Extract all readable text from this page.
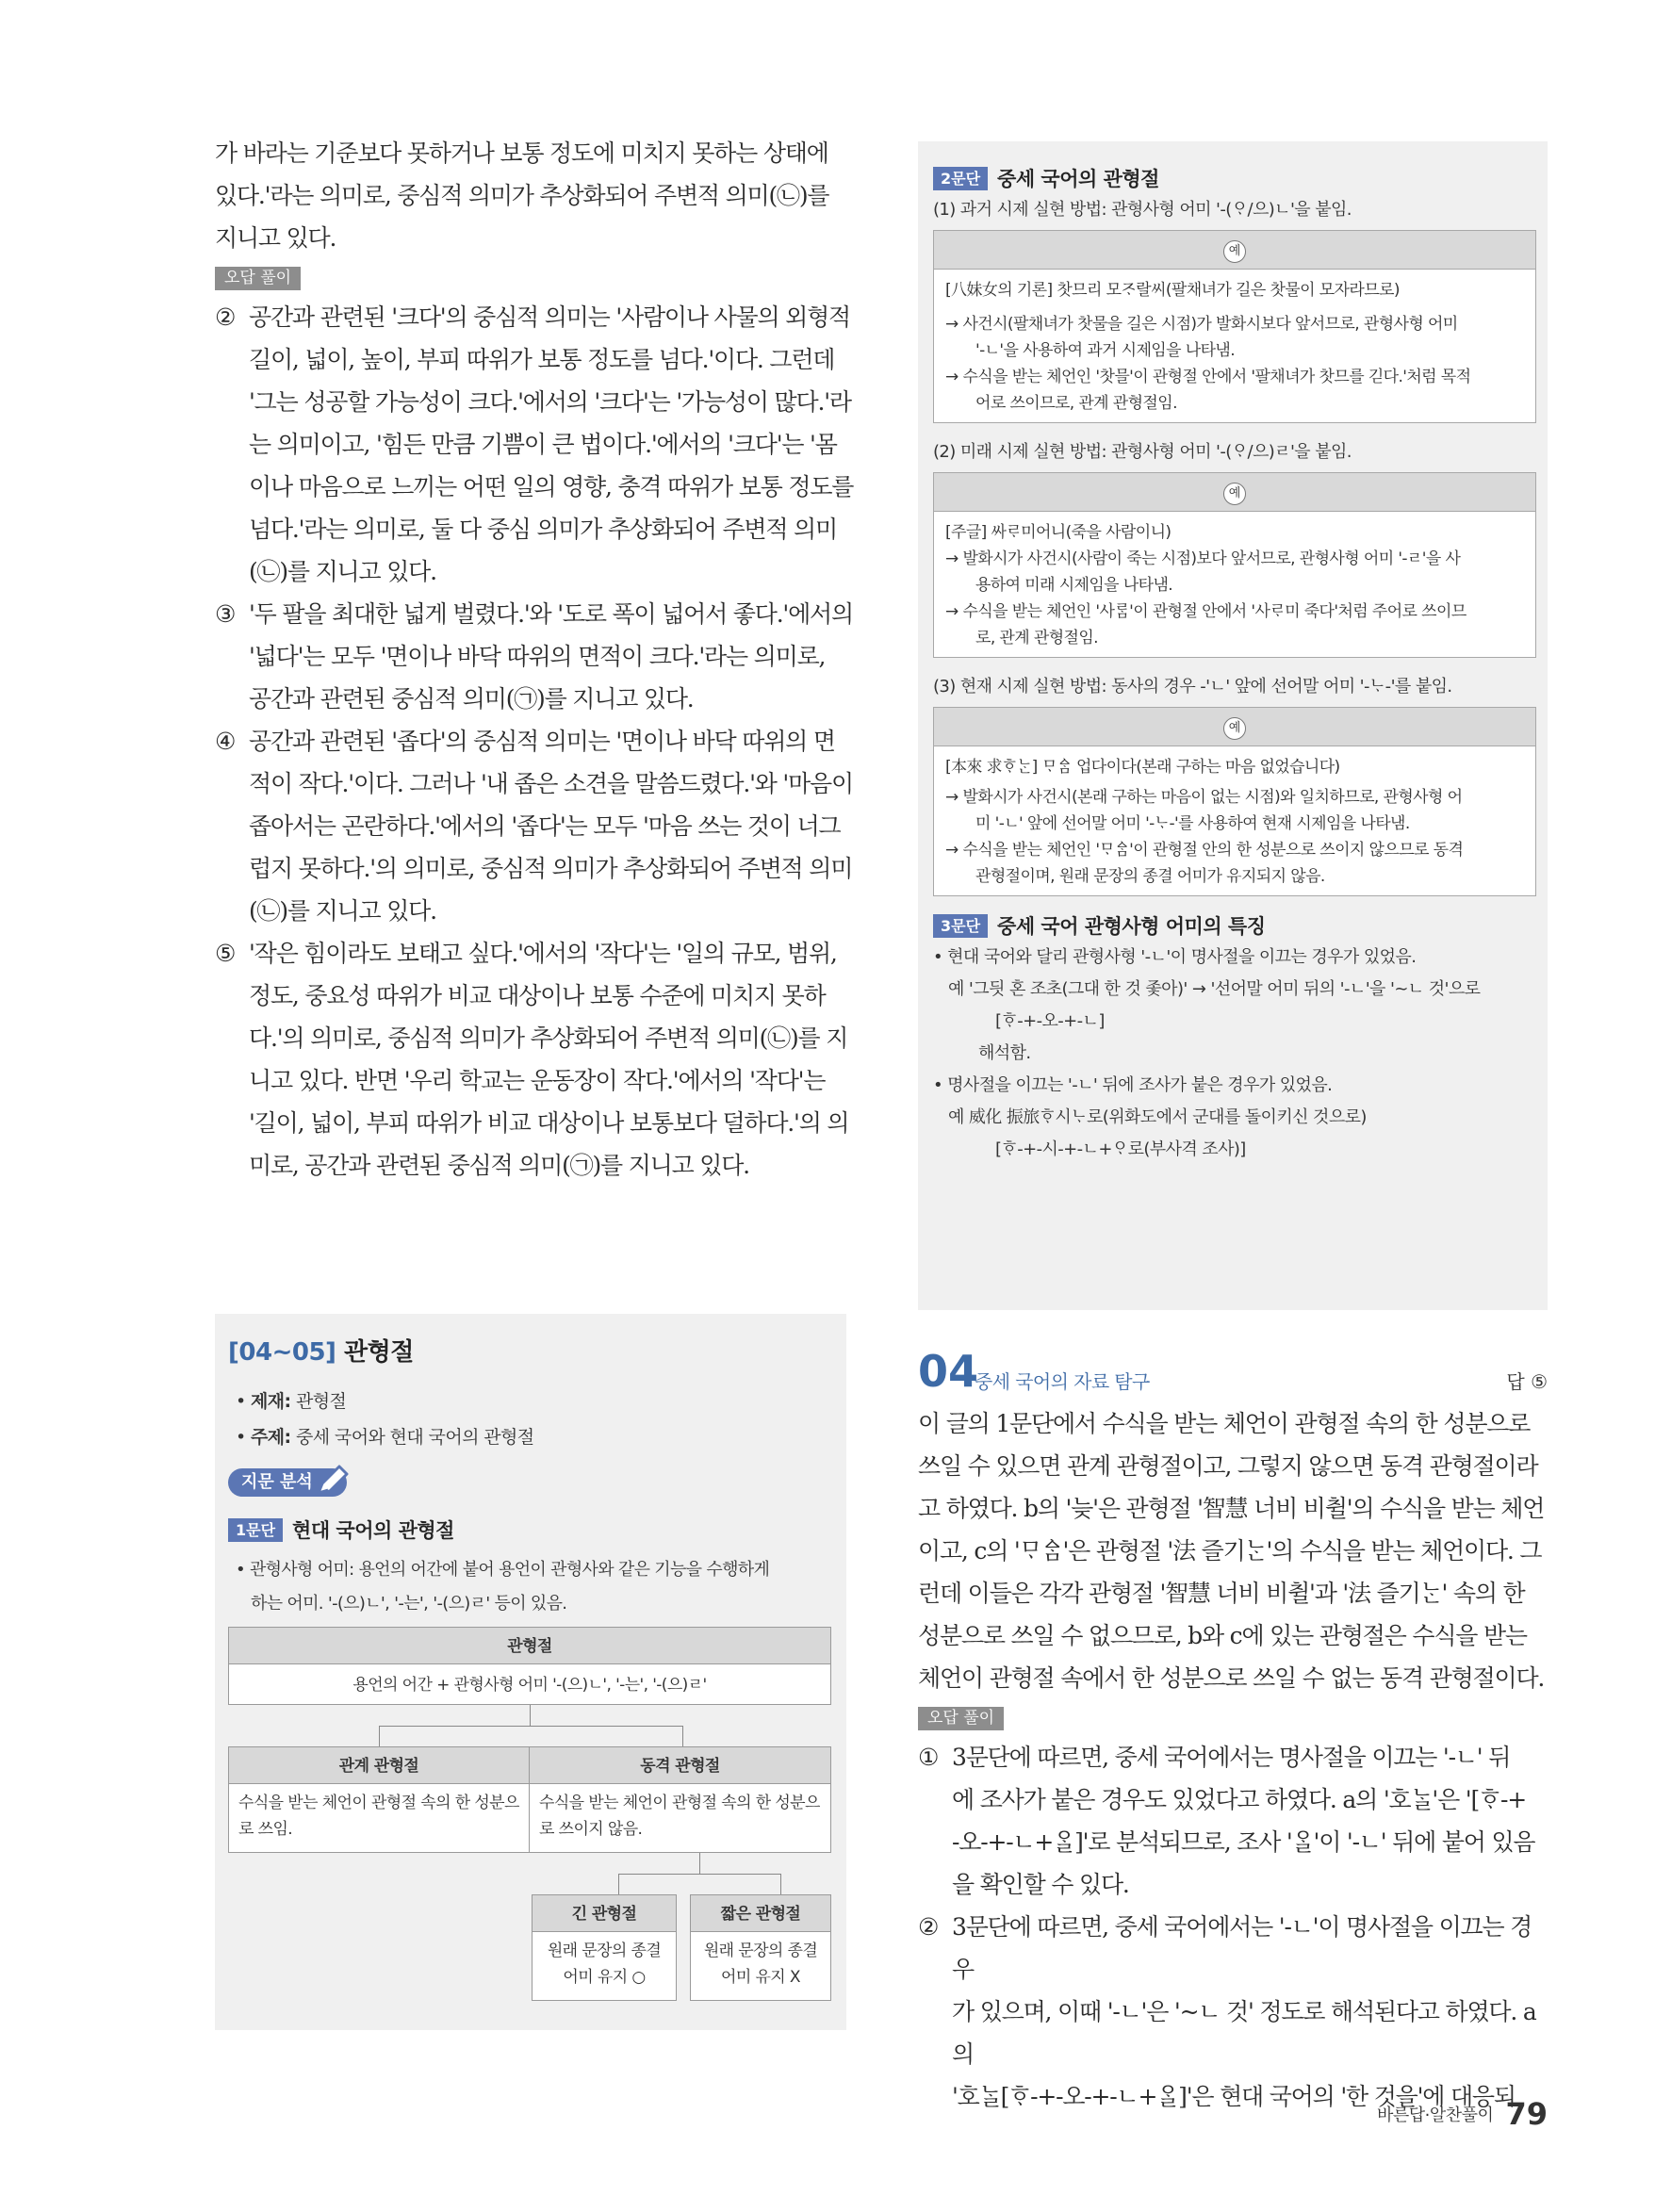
가 바라는 기준보다 못하거나 보통 정도에 미치지 못하는 상태에
있다.'라는 의미로, 중심적 의미가 추상화되어 주변적 의미(㉡)를
지니고 있다.
오답 풀이
② 공간과 관련된 '크다'의 중심적 의미는 '사람이나 사물의 외형적
길이, 넓이, 높이, 부피 따위가 보통 정도를 넘다.'이다. 그런데
'그는 성공할 가능성이 크다.'에서의 '크다'는 '가능성이 많다.'라
는 의미이고, '힘든 만큼 기쁨이 큰 법이다.'에서의 '크다'는 '몸
이나 마음으로 느끼는 어떤 일의 영향, 충격 따위가 보통 정도를
넘다.'라는 의미로, 둘 다 중심 의미가 추상화되어 주변적 의미
(㉡)를 지니고 있다.
③ '두 팔을 최대한 넓게 벌렸다.'와 '도로 폭이 넓어서 좋다.'에서의
'넓다'는 모두 '면이나 바닥 따위의 면적이 크다.'라는 의미로,
공간과 관련된 중심적 의미(㉠)를 지니고 있다.
④ 공간과 관련된 '좁다'의 중심적 의미는 '면이나 바닥 따위의 면
적이 작다.'이다. 그러나 '내 좁은 소견을 말씀드렸다.'와 '마음이
좁아서는 곤란하다.'에서의 '좁다'는 모두 '마음 쓰는 것이 너그
럽지 못하다.'의 의미로, 중심적 의미가 추상화되어 주변적 의미
(㉡)를 지니고 있다.
⑤ '작은 힘이라도 보태고 싶다.'에서의 '작다'는 '일의 규모, 범위,
정도, 중요성 따위가 비교 대상이나 보통 수준에 미치지 못하
다.'의 의미로, 중심적 의미가 추상화되어 주변적 의미(㉡)를 지
니고 있다. 반면 '우리 학교는 운동장이 작다.'에서의 '작다'는
'길이, 넓이, 부피 따위가 비교 대상이나 보통보다 덜하다.'의 의
미로, 공간과 관련된 중심적 의미(㉠)를 지니고 있다.
[04~05] 관형절
• 제재: 관형절
• 주제: 중세 국어와 현대 국어의 관형절
지문 분석
1문단 현대 국어의 관형절
• 관형사형 어미: 용언의 어간에 붙어 용언이 관형사와 같은 기능을 수행하게
하는 어미. '-(으)ㄴ', '-는', '-(으)ㄹ' 등이 있음.
관형절
용언의 어간 + 관형사형 어미 '-(으)ㄴ', '-는', '-(으)ㄹ'
관계 관형절
수식을 받는 체언이 관형절 속의 한 성분으로 쓰임.
동격 관형절
수식을 받는 체언이 관형절 속의 한 성분으로 쓰이지 않음.
긴 관형절
원래 문장의 종결 어미 유지 ○
짧은 관형절
원래 문장의 종결 어미 유지 X
2문단 중세 국어의 관형절
(1) 과거 시제 실현 방법: 관형사형 어미 '-(ᄋᆞ/으)ㄴ'을 붙임.
예
[八妹女의 기론] 찻므리 모ᄌᆞ랄씨(팔채녀가 길은 찻물이 모자라므로)
→ 사건시(팔채녀가 찻물을 길은 시점)가 발화시보다 앞서므로, 관형사형 어미
'-ㄴ'을 사용하여 과거 시제임을 나타냄.
→ 수식을 받는 체언인 '찻믈'이 관형절 안에서 '팔채녀가 찻므를 긷다.'처럼 목적
어로 쓰이므로, 관계 관형절임.
(2) 미래 시제 실현 방법: 관형사형 어미 '-(ᄋᆞ/으)ㄹ'을 붙임.
예
[주글] 싸ᄅᆞ미어니(죽을 사람이니)
→ 발화시가 사건시(사람이 죽는 시점)보다 앞서므로, 관형사형 어미 '-ㄹ'을 사
용하여 미래 시제임을 나타냄.
→ 수식을 받는 체언인 '사ᄅᆞᆷ'이 관형절 안에서 '사ᄅᆞ미 죽다'처럼 주어로 쓰이므
로, 관계 관형절임.
(3) 현재 시제 실현 방법: 동사의 경우 -'ㄴ' 앞에 선어말 어미 '-ᄂᆞ-'를 붙임.
예
[本來 求ᄒᆞᄂᆞᆫ] ᄆᆞᅀᆞᆷ 업다이다(본래 구하는 마음 없었습니다)
→ 발화시가 사건시(본래 구하는 마음이 없는 시점)와 일치하므로, 관형사형 어
미 '-ㄴ' 앞에 선어말 어미 '-ᄂᆞ-'를 사용하여 현재 시제임을 나타냄.
→ 수식을 받는 체언인 'ᄆᆞᅀᆞᆷ'이 관형절 안의 한 성분으로 쓰이지 않으므로 동격
관형절이며, 원래 문장의 종결 어미가 유지되지 않음.
3문단 중세 국어 관형사형 어미의 특징
• 현대 국어와 달리 관형사형 '-ㄴ'이 명사절을 이끄는 경우가 있었음.
예 '그딋 혼 조초(그대 한 것 좇아)' → '선어말 어미 뒤의 '-ㄴ'을 '~ㄴ 것'으로
[ᄒᆞ-+-오-+-ㄴ]
해석함.
• 명사절을 이끄는 '-ㄴ' 뒤에 조사가 붙은 경우가 있었음.
예 威化 振旅ᄒᆞ시ᄂᆞ로(위화도에서 군대를 돌이키신 것으로)
[ᄒᆞ-+-시-+-ㄴ+ᄋᆞ로(부사격 조사)]
04
중세 국어의 자료 탐구	답 ⑤
이 글의 1문단에서 수식을 받는 체언이 관형절 속의 한 성분으로
쓰일 수 있으면 관계 관형절이고, 그렇지 않으면 동격 관형절이라
고 하였다. b의 '늦'은 관형절 '智慧 너비 비췰'의 수식을 받는 체언
이고, c의 'ᄆᆞᅀᆞᆷ'은 관형절 '法 즐기ᄂᆞᆫ'의 수식을 받는 체언이다. 그
런데 이들은 각각 관형절 '智慧 너비 비췰'과 '法 즐기ᄂᆞᆫ' 속의 한
성분으로 쓰일 수 없으므로, b와 c에 있는 관형절은 수식을 받는
체언이 관형절 속에서 한 성분으로 쓰일 수 없는 동격 관형절이다.
오답 풀이
① 3문단에 따르면, 중세 국어에서는 명사절을 이끄는 '-ㄴ' 뒤
에 조사가 붙은 경우도 있었다고 하였다. a의 '호ᄂᆞᆯ'은 '[ᄒᆞ-+
-오-+-ㄴ+ᄋᆞᆯ]'로 분석되므로, 조사 'ᄋᆞᆯ'이 '-ㄴ' 뒤에 붙어 있음
을 확인할 수 있다.
② 3문단에 따르면, 중세 국어에서는 '-ㄴ'이 명사절을 이끄는 경우
가 있으며, 이때 '-ㄴ'은 '~ㄴ 것' 정도로 해석된다고 하였다. a의
'호ᄂᆞᆯ[ᄒᆞ-+-오-+-ㄴ+ᄋᆞᆯ]'은 현대 국어의 '한 것을'에 대응되
바른답·알찬풀이 79
